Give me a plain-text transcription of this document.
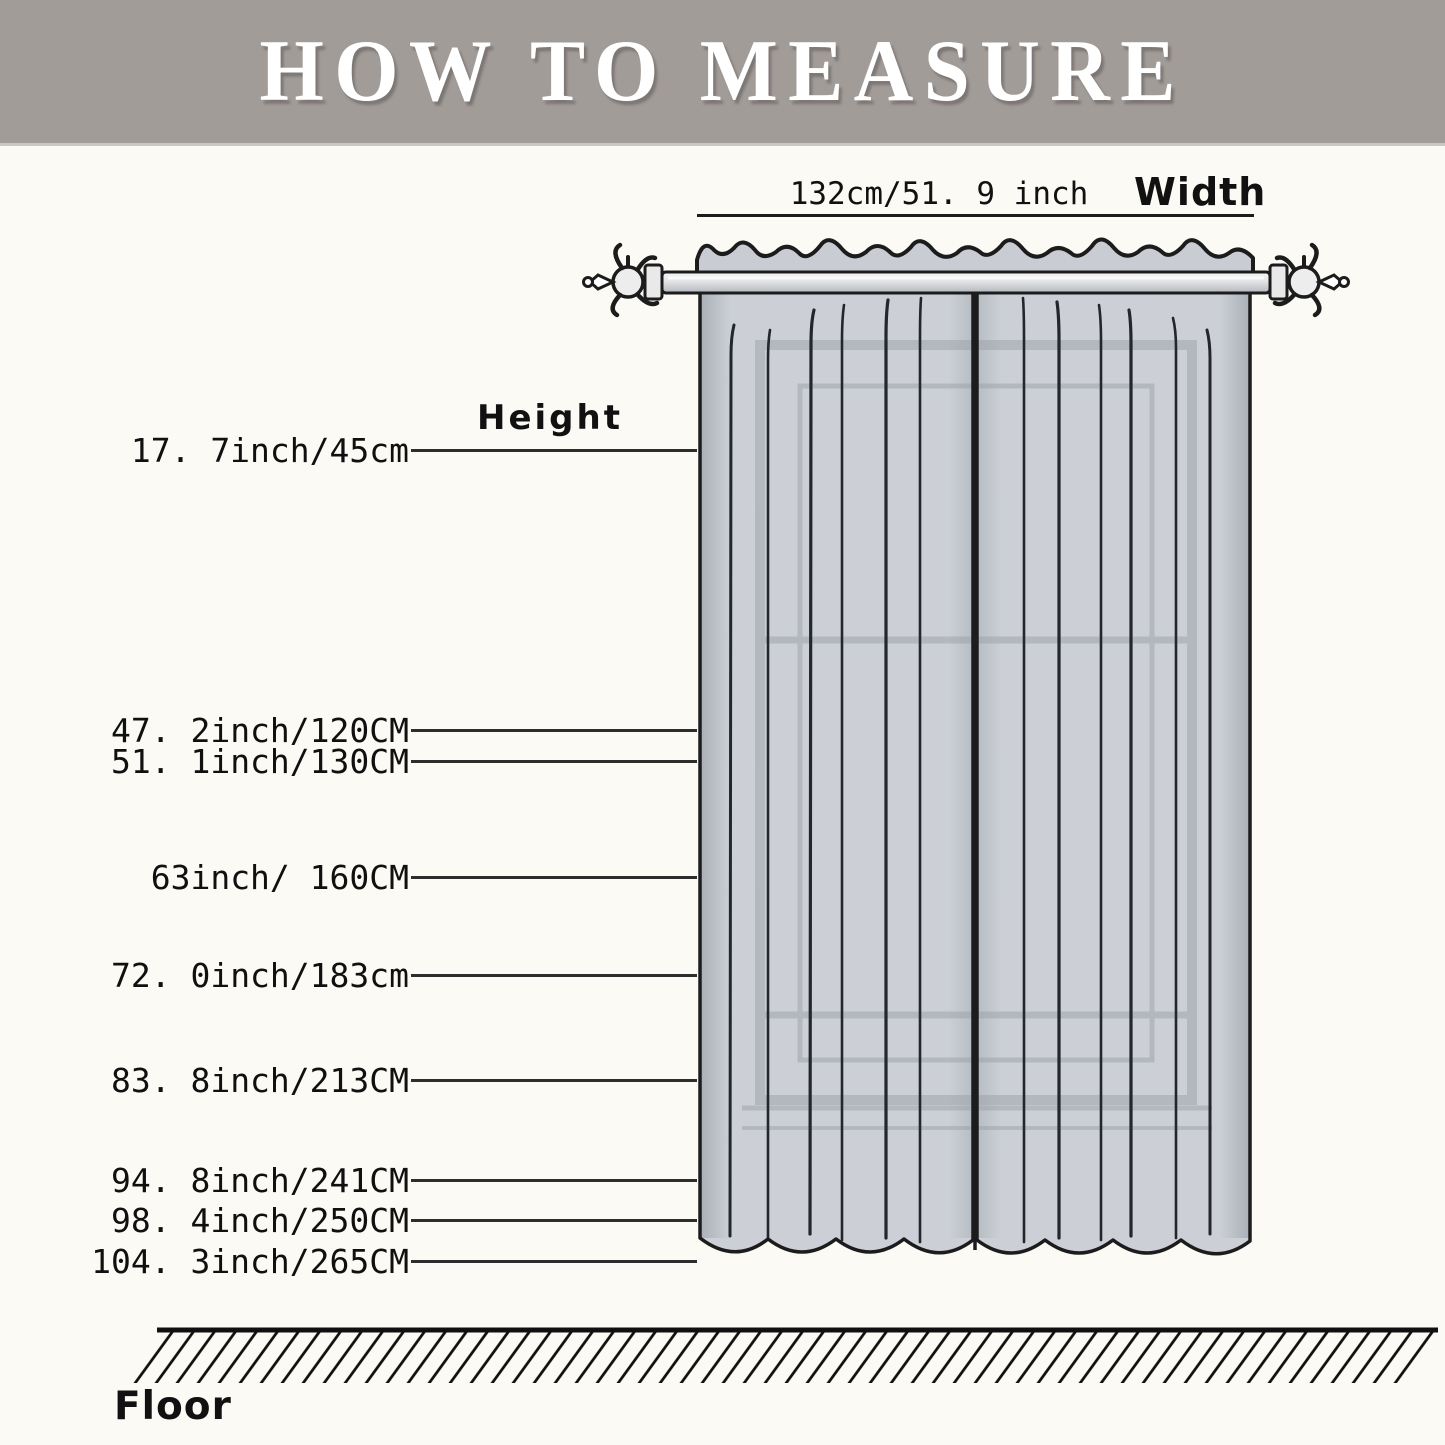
HOW TO MEASURE
132cm/51. 9 inch	Width
Height
17. 7inch/45cm
47. 2inch/120CM
51. 1inch/130CM
63inch/ 160CM
72. 0inch/183cm
83. 8inch/213CM
94. 8inch/241CM
98. 4inch/250CM
104. 3inch/265CM
Floor
